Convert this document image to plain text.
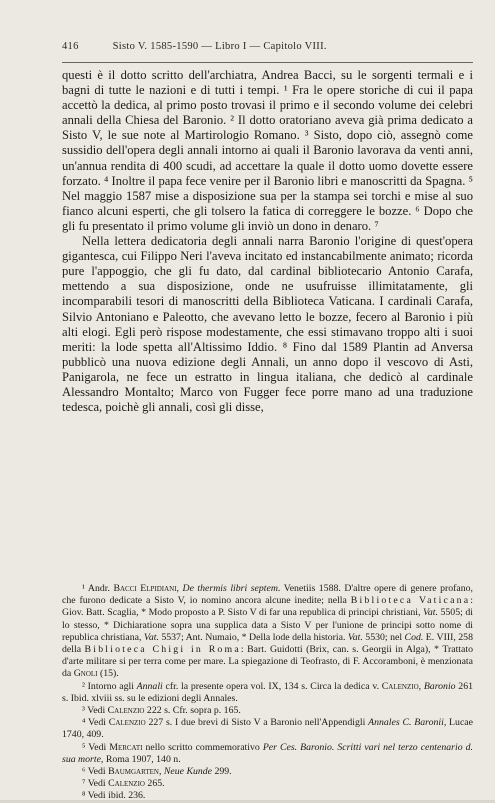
416	Sisto V. 1585-1590 — Libro I — Capitolo VIII.

questi è il dotto scritto dell'archiatra, Andrea Bacci, su le sorgenti termali e i bagni di tutte le nazioni e di tutti i tempi. ¹ Fra le opere storiche di cui il papa accettò la dedica, al primo posto trovasi il primo e il secondo volume dei celebri annali della Chiesa del Baronio. ² Il dotto oratoriano aveva già prima dedicato a Sisto V, le sue note al Martirologio Romano. ³ Sisto, dopo ciò, assegnò come sussidio dell'opera degli annali intorno ai quali il Baronio lavorava da venti anni, un'annua rendita di 400 scudi, ad accettare la quale il dotto uomo dovette essere forzato. ⁴ Inoltre il papa fece venire per il Baronio libri e manoscritti da Spagna. ⁵ Nel maggio 1587 mise a disposizione sua per la stampa sei torchi e mise al suo fianco alcuni esperti, che gli tolsero la fatica di correggere le bozze. ⁶ Dopo che gli fu presentato il primo volume gli inviò un dono in denaro. ⁷

Nella lettera dedicatoria degli annali narra Baronio l'origine di quest'opera gigantesca, cui Filippo Neri l'aveva incitato ed instancabilmente animato; ricorda pure l'appoggio, che gli fu dato, dal cardinal bibliotecario Antonio Carafa, mettendo a sua disposizione, onde ne usufruisse illimitatamente, gli incomparabili tesori di manoscritti della Biblioteca Vaticana. I cardinali Carafa, Silvio Antoniano e Paleotto, che avevano letto le bozze, fecero al Baronio i più alti elogi. Egli però rispose modestamente, che essi stimavano troppo alti i suoi meriti: la lode spetta all'Altissimo Iddio. ⁸ Fino dal 1589 Plantin ad Anversa pubblicò una nuova edizione degli Annali, un anno dopo il vescovo di Asti, Panigarola, ne fece un estratto in lingua italiana, che dedicò al cardinale Alessandro Montalto; Marco von Fugger fece porre mano ad una traduzione tedesca, poichè gli annali, così gli disse,

¹ Andr. Bacci Elpidiani, De thermis libri septem. Venetiis 1588. D'altre opere di genere profano, che furono dedicate a Sisto V, io nomino ancora alcune inedite; nella Biblioteca Vaticana: Giov. Batt. Scaglia, * Modo proposto a P. Sisto V di far una republica di principi christiani, Vat. 5505; di lo stesso, * Dichiaratione sopra una supplica data a Sisto V per l'unione de principi sotto nome di republica christiana, Vat. 5537; Ant. Numaio, * Della lode della historia. Vat. 5530; nel Cod. E. VIII, 258 della Biblioteca Chigi in Roma: Bart. Guidotti (Brix, can. s. Georgii in Alga), * Trattato d'arte militare si per terra come per mare. La spiegazione di Teofrasto, di F. Accoramboni, è menzionata da Gnoli (15).

² Intorno agli Annali cfr. la presente opera vol. IX, 134 s. Circa la dedica v. Calenzio, Baronio 261 s. Ibid. xlviii ss. su le edizioni degli Annales.

³ Vedi Calenzio 222 s. Cfr. sopra p. 165.

⁴ Vedi Calenzio 227 s. I due brevi di Sisto V a Baronio nell'Appendigli Annales C. Baronii, Lucae 1740, 409.

⁵ Vedi Mercati nello scritto commemorativo Per Ces. Baronio. Scritti vari nel terzo centenario d. sua morte, Roma 1907, 140 n.

⁶ Vedi Baumgarten, Neue Kunde 299.

⁷ Vedi Calenzio 265.

⁸ Vedi ibid. 236.
